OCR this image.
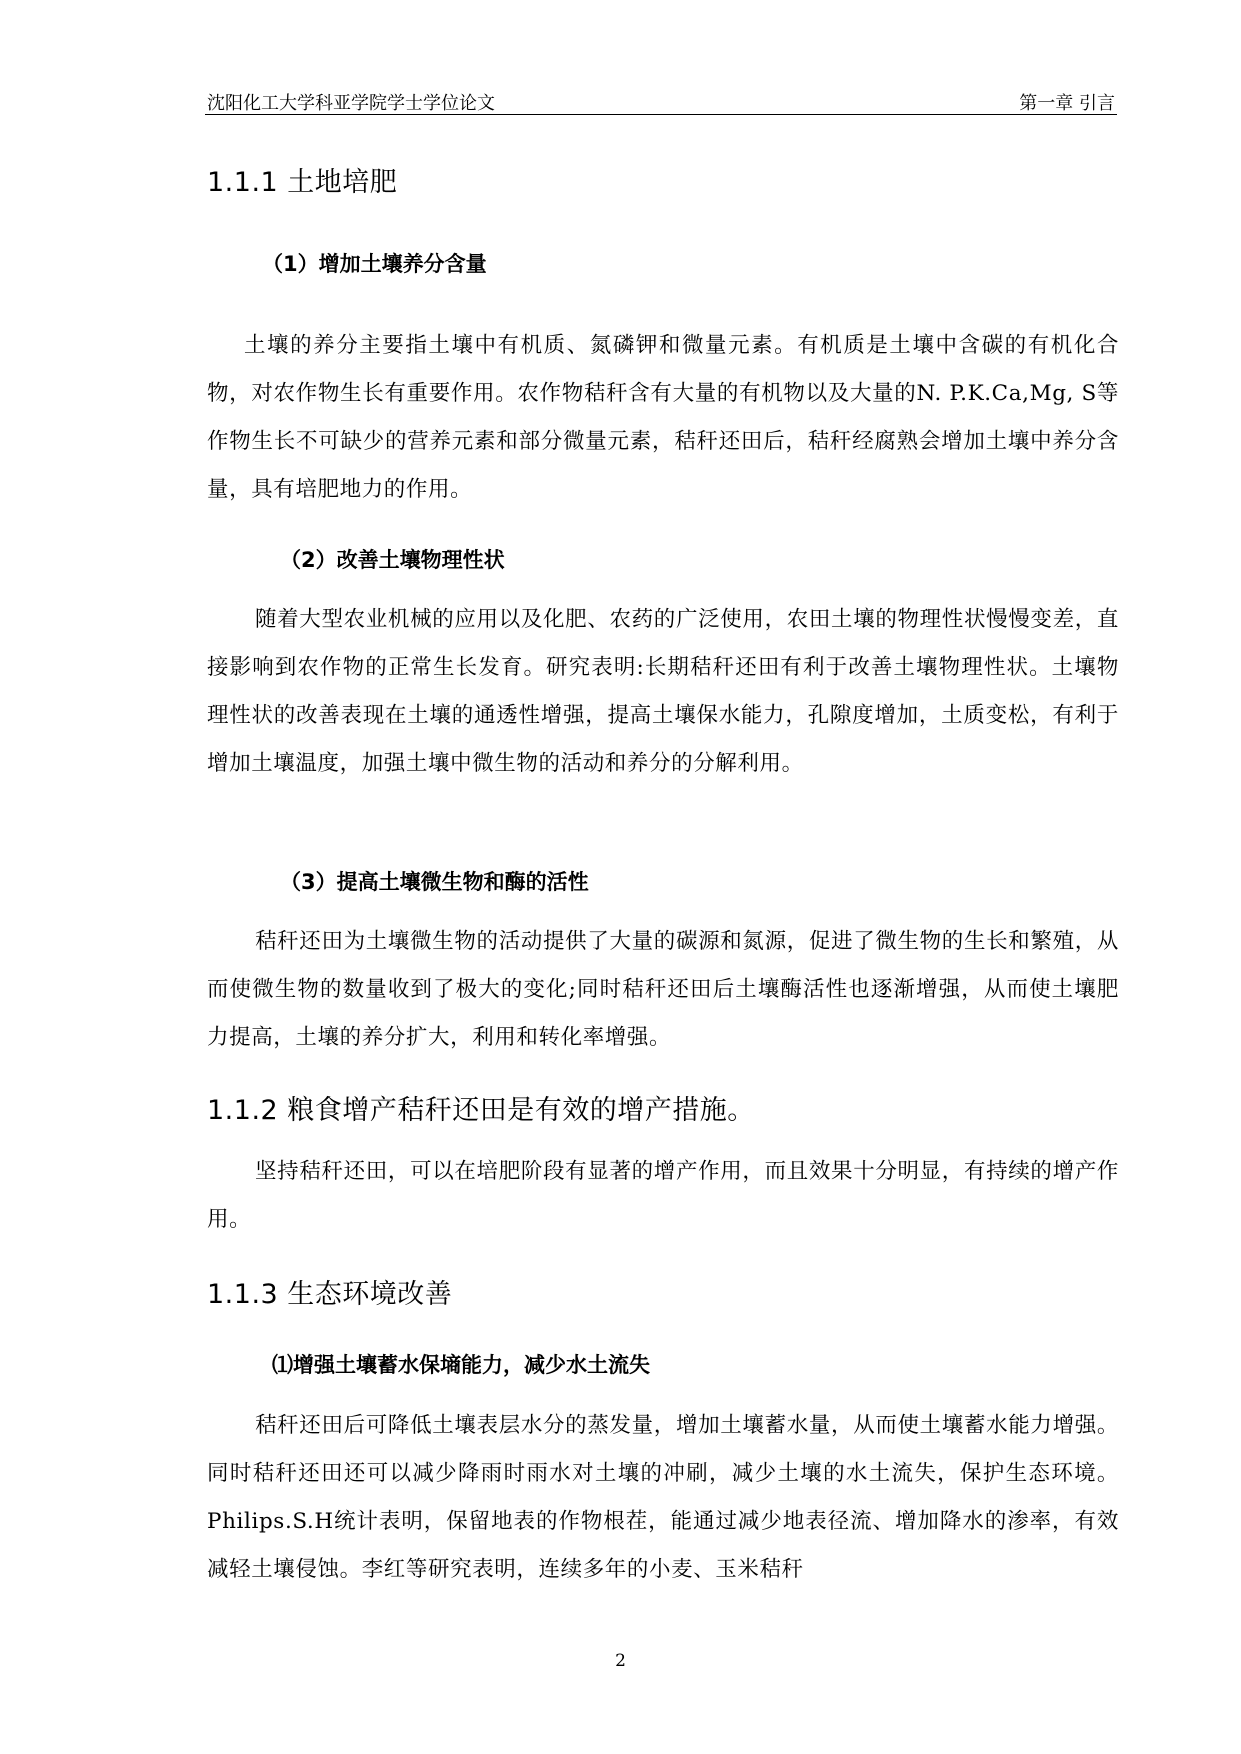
沈阳化工大学科亚学院学士学位论文	第一章 引言
1.1.1 土地培肥
（1）增加土壤养分含量
土壤的养分主要指土壤中有机质、氮磷钾和微量元素。有机质是土壤中含碳的有机化合物，对农作物生长有重要作用。农作物秸秆含有大量的有机物以及大量的N. P.K.Ca,Mg, S等作物生长不可缺少的营养元素和部分微量元素，秸秆还田后，秸秆经腐熟会增加土壤中养分含量，具有培肥地力的作用。
（2）改善土壤物理性状
随着大型农业机械的应用以及化肥、农药的广泛使用，农田土壤的物理性状慢慢变差，直接影响到农作物的正常生长发育。研究表明:长期秸秆还田有利于改善土壤物理性状。土壤物理性状的改善表现在土壤的通透性增强，提高土壤保水能力，孔隙度增加，土质变松，有利于增加土壤温度，加强土壤中微生物的活动和养分的分解利用。
（3）提高土壤微生物和酶的活性
秸秆还田为土壤微生物的活动提供了大量的碳源和氮源，促进了微生物的生长和繁殖，从而使微生物的数量收到了极大的变化;同时秸秆还田后土壤酶活性也逐渐增强，从而使土壤肥力提高，土壤的养分扩大，利用和转化率增强。
1.1.2 粮食增产秸秆还田是有效的增产措施。
坚持秸秆还田，可以在培肥阶段有显著的增产作用，而且效果十分明显，有持续的增产作用。
1.1.3 生态环境改善
⑴增强土壤蓄水保墒能力，减少水土流失
秸秆还田后可降低土壤表层水分的蒸发量，增加土壤蓄水量，从而使土壤蓄水能力增强。同时秸秆还田还可以减少降雨时雨水对土壤的冲刷，减少土壤的水土流失，保护生态环境。Philips.S.H统计表明，保留地表的作物根茬，能通过减少地表径流、增加降水的渗率，有效减轻土壤侵蚀。李红等研究表明，连续多年的小麦、玉米秸秆
2
